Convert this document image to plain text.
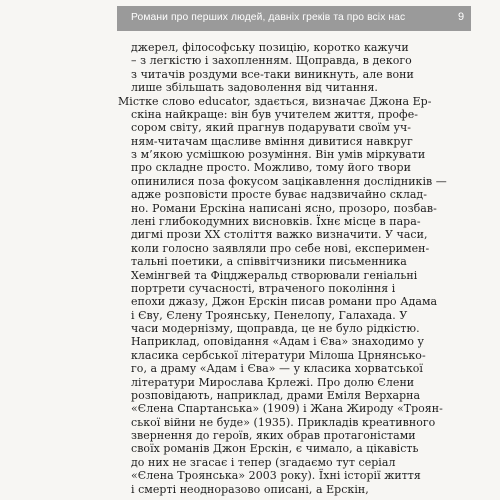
Романи про перших людей, давніх греків та про всіх нас	9
джерел, філософську позицію, коротко кажучи
– з легкістю і захопленням. Щоправда, в декого
з читачів роздуми все-таки виникнуть, але вони
лише збільшать задоволення від читання.
Місткe слово educator, здається, визначає Джона Ер-
скіна найкраще: він був учителем життя, профе-
сором світу, який прагнув подарувати своїм уч-
ням-читачам щасливе вміння дивитися навкруг
з м’якою усмішкою розуміння. Він умів міркувати
про складне просто. Можливо, тому його твори
опинилися поза фокусом зацікавлення дослідників —
адже розповісти просте буває надзвичайно склад-
но. Романи Ерскіна написані ясно, прозоро, позбав-
лені глибокодумних висновків. Їхнє місце в пара-
дигмі прози ХХ століття важко визначити. У часи,
коли голосно заявляли про себе нові, експеримен-
тальні поетики, а співвітчизники письменника
Хемінгвей та Фіцджеральд створювали геніальні
портрети сучасності, втраченого покоління і
епохи джазу, Джон Ерскін писав романи про Адама
і Єву, Єлену Троянську, Пенелопу, Галахада. У
часи модернізму, щоправда, це не було рідкістю.
Наприклад, оповідання «Адам і Єва» знаходимо у
класика сербської літератури Мілоша Црнянсько-
го, а драму «Адам і Єва» — у класика хорватської
літератури Мирослава Крлежі. Про долю Єлени
розповідають, наприклад, драми Еміля Верхарна
«Єлена Спартанська» (1909) і Жана Жироду «Троян-
ської війни не буде» (1935). Прикладів креативного
звернення до героїв, яких обрав протагоністами
своїх романів Джон Ерскін, є чимало, а цікавість
до них не згасає і тепер (згадаємо тут серіал
«Єлена Троянська» 2003 року). Їхні історії життя
і смерті неодноразово описані, а Ерскін,
